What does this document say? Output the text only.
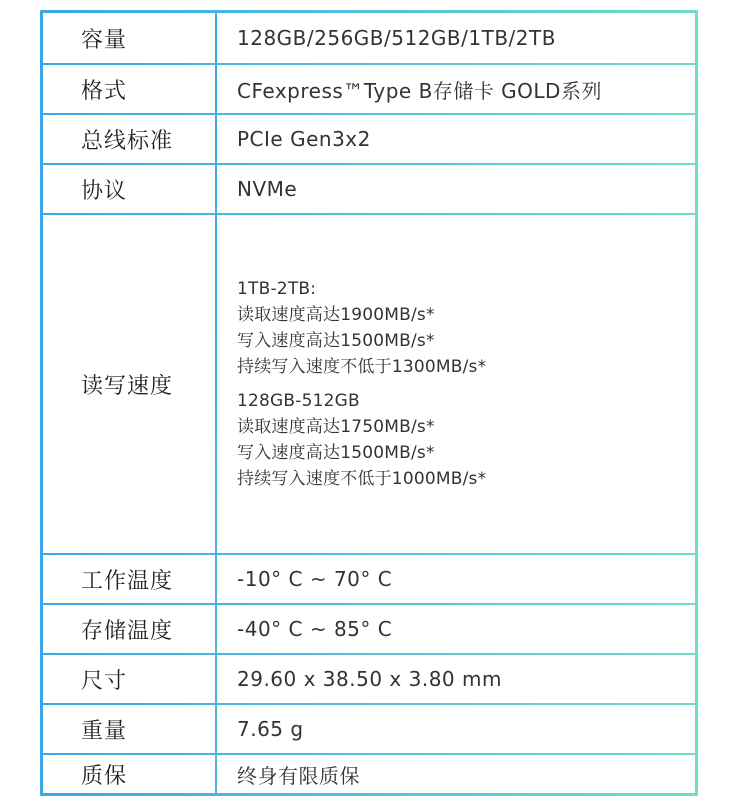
容量	128GB/256GB/512GB/1TB/2TB
格式	CFexpress™Type B存储卡 GOLD系列
总线标准	PCIe Gen3x2
协议	NVMe
读写速度
1TB-2TB:
读取速度高达1900MB/s*
写入速度高达1500MB/s*
持续写入速度不低于1300MB/s*
128GB-512GB
读取速度高达1750MB/s*
写入速度高达1500MB/s*
持续写入速度不低于1000MB/s*
工作温度	-10° C ~ 70° C
存储温度	-40° C ~ 85° C
尺寸	29.60 x 38.50 x 3.80 mm
重量	7.65 g
质保	终身有限质保
